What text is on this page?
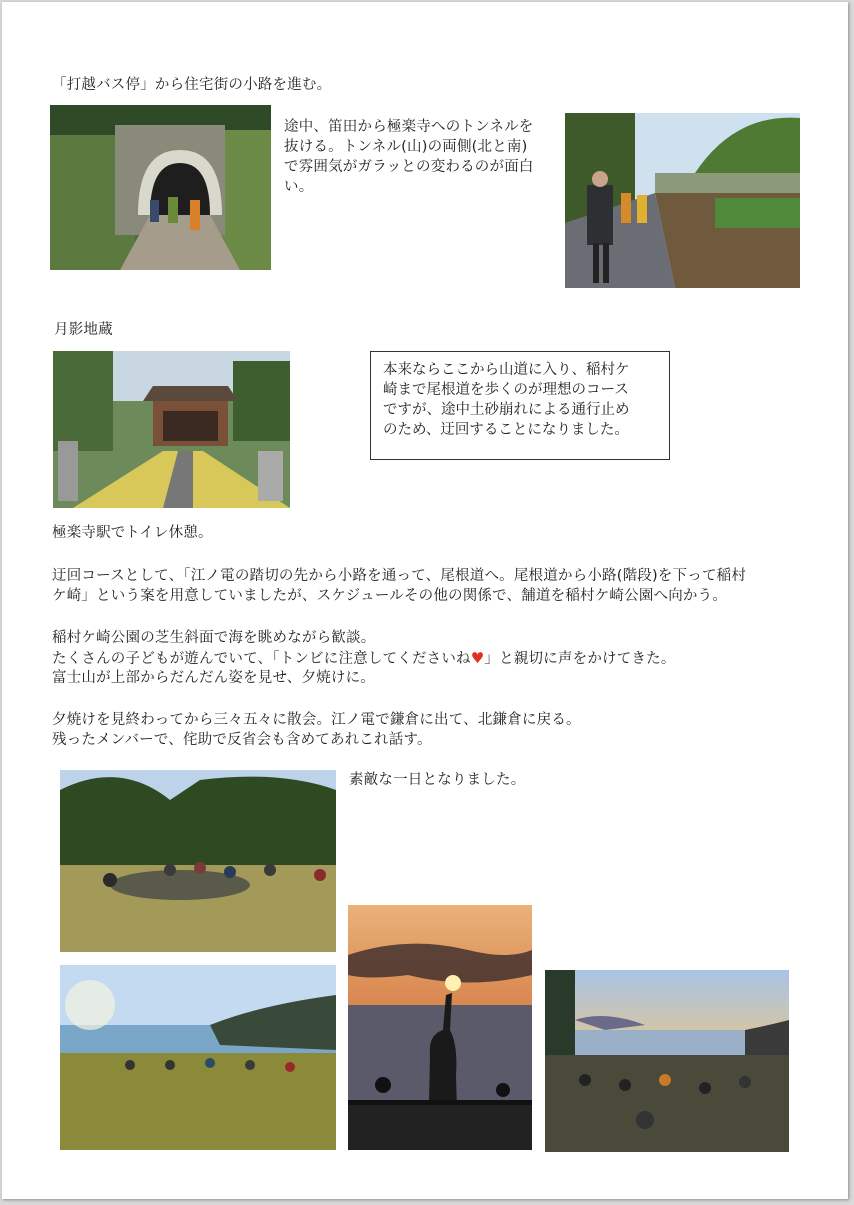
「打越バス停」から住宅街の小路を進む。
途中、笛田から極楽寺へのトンネルを
抜ける。トンネル(山)の両側(北と南)
で雰囲気がガラッとの変わるのが面白
い。
月影地蔵
本来ならここから山道に入り、稲村ケ
崎まで尾根道を歩くのが理想のコース
ですが、途中土砂崩れによる通行止め
のため、迂回することになりました。
極楽寺駅でトイレ休憩。
迂回コースとして、「江ノ電の踏切の先から小路を通って、尾根道へ。尾根道から小路(階段)を下って稲村
ケ崎」という案を用意していましたが、スケジュールその他の関係で、舗道を稲村ケ崎公園へ向かう。
稲村ケ崎公園の芝生斜面で海を眺めながら歓談。
たくさんの子どもが遊んでいて、「トンビに注意してくださいね♥」と親切に声をかけてきた。
富士山が上部からだんだん姿を見せ、夕焼けに。
夕焼けを見終わってから三々五々に散会。江ノ電で鎌倉に出て、北鎌倉に戻る。
残ったメンバーで、侘助で反省会も含めてあれこれ話す。
素敵な一日となりました。
